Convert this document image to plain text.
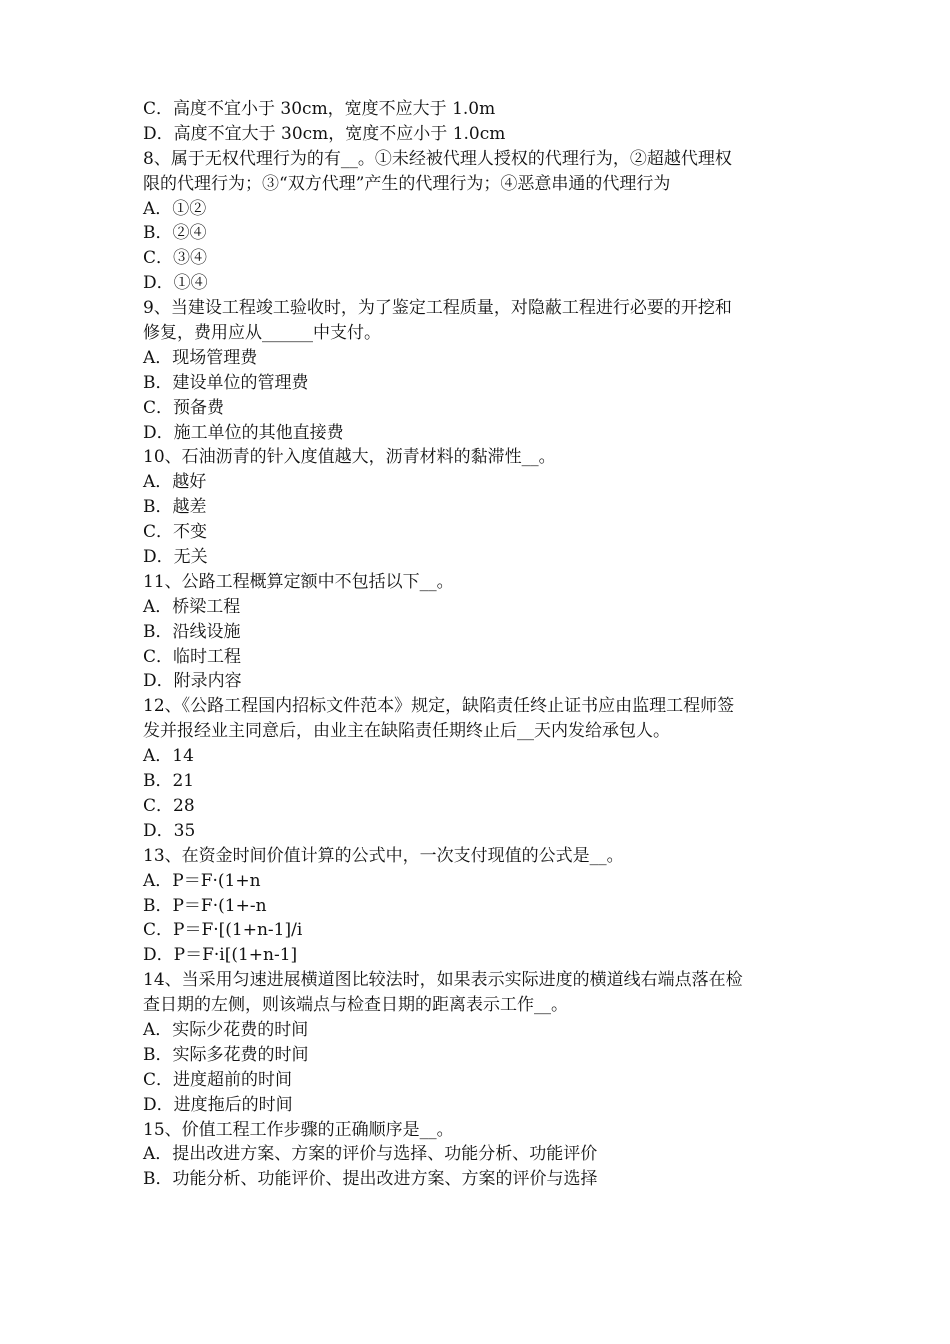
C．高度不宜小于 30cm，宽度不应大于 1.0m
D．高度不宜大于 30cm，宽度不应小于 1.0cm
8、属于无权代理行为的有__。①未经被代理人授权的代理行为，②超越代理权
限的代理行为；③“双方代理”产生的代理行为；④恶意串通的代理行为
A．①②
B．②④
C．③④
D．①④
9、当建设工程竣工验收时，为了鉴定工程质量，对隐蔽工程进行必要的开挖和
修复，费用应从______中支付。
A．现场管理费
B．建设单位的管理费
C．预备费
D．施工单位的其他直接费
10、石油沥青的针入度值越大，沥青材料的黏滞性__。
A．越好
B．越差
C．不变
D．无关
11、公路工程概算定额中不包括以下__。
A．桥梁工程
B．沿线设施
C．临时工程
D．附录内容
12、《公路工程国内招标文件范本》规定，缺陷责任终止证书应由监理工程师签
发并报经业主同意后，由业主在缺陷责任期终止后__天内发给承包人。
A．14
B．21
C．28
D．35
13、在资金时间价值计算的公式中，一次支付现值的公式是__。
A．P＝F·(1+n
B．P＝F·(1+-n
C．P＝F·[(1+n-1]/i
D．P＝F·i[(1+n-1]
14、当采用匀速进展横道图比较法时，如果表示实际进度的横道线右端点落在检
查日期的左侧，则该端点与检查日期的距离表示工作__。
A．实际少花费的时间
B．实际多花费的时间
C．进度超前的时间
D．进度拖后的时间
15、价值工程工作步骤的正确顺序是__。
A．提出改进方案、方案的评价与选择、功能分析、功能评价
B．功能分析、功能评价、提出改进方案、方案的评价与选择
